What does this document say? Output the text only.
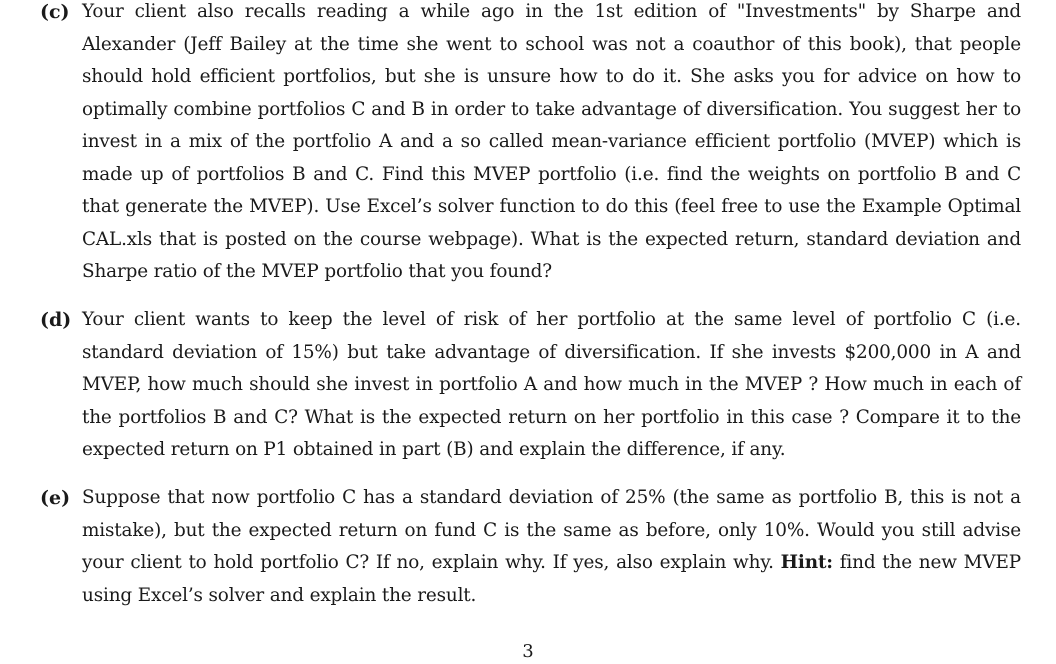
(c) Your client also recalls reading a while ago in the 1st edition of "Investments" by Sharpe and Alexander (Jeff Bailey at the time she went to school was not a coauthor of this book), that people should hold efficient portfolios, but she is unsure how to do it. She asks you for advice on how to optimally combine portfolios C and B in order to take advantage of diversification. You suggest her to invest in a mix of the portfolio A and a so called mean-variance efficient portfolio (MVEP) which is made up of portfolios B and C. Find this MVEP portfolio (i.e. find the weights on portfolio B and C that generate the MVEP). Use Excel’s solver function to do this (feel free to use the Example Optimal CAL.xls that is posted on the course webpage). What is the expected return, standard deviation and Sharpe ratio of the MVEP portfolio that you found?
(d) Your client wants to keep the level of risk of her portfolio at the same level of portfolio C (i.e. standard deviation of 15%) but take advantage of diversification. If she invests $200,000 in A and MVEP, how much should she invest in portfolio A and how much in the MVEP ? How much in each of the portfolios B and C? What is the expected return on her portfolio in this case ? Compare it to the expected return on P1 obtained in part (B) and explain the difference, if any.
(e) Suppose that now portfolio C has a standard deviation of 25% (the same as portfolio B, this is not a mistake), but the expected return on fund C is the same as before, only 10%. Would you still advise your client to hold portfolio C? If no, explain why. If yes, also explain why. Hint: find the new MVEP using Excel’s solver and explain the result.
3
